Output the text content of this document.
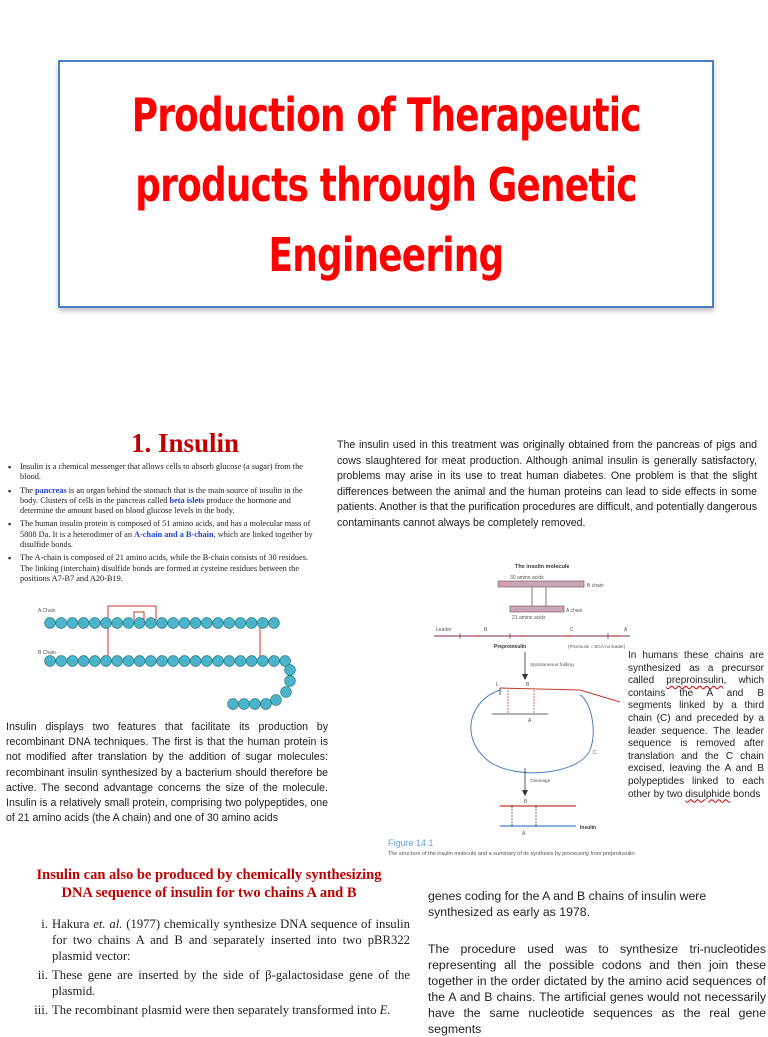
Production of Therapeutic
products through Genetic
Engineering
1. Insulin
▪ Insulin is a chemical messenger that allows cells to absorb glucose (a sugar) from the blood.
▪ The pancreas is an organ behind the stomach that is the main source of insulin in the body. Clusters of cells in the pancreas called beta islets produce the hormone and determine the amount based on blood glucose levels in the body.
▪ The human insulin protein is composed of 51 amino acids, and has a molecular mass of 5808 Da. It is a heterodimer of an A-chain and a B-chain, which are linked together by disulfide bonds.
▪ The A-chain is composed of 21 amino acids, while the B-chain consists of 30 residues. The linking (interchain) disulfide bonds are formed at cysteine residues between the positions A7-B7 and A20-B19.
A Chain
B Chain
Insulin displays two features that facilitate its production by recombinant DNA techniques. The first is that the human protein is not modified after translation by the addition of sugar molecules: recombinant insulin synthesized by a bacterium should therefore be active. The second advantage concerns the size of the molecule. Insulin is a relatively small protein, comprising two polypeptides, one of 21 amino acids (the A chain) and one of 30 amino acids
The insulin used in this treatment was originally obtained from the pancreas of pigs and cows slaughtered for meat production. Although animal insulin is generally satisfactory, problems may arise in its use to treat human diabetes. One problem is that the slight differences between the animal and the human proteins can lead to side effects in some patients. Another is that the purification procedures are difficult, and potentially dangerous contaminants cannot always be completely removed.
The insulin molecule
30 amino acids
B chain
A chain
21 amino acids
Leader	B	C	A
Preproinsulin	(Proinsulin = BCA-no leader)
Spontaneous folding
L	B
A
C
Cleavage
B
A
Insulin
Figure 14.1
The structure of the insulin molecule and a summary of its synthesis by processing from preproinsulin.
In humans these chains are synthesized as a precursor called preproinsulin, which contains the A and B segments linked by a third chain (C) and preceded by a leader sequence. The leader sequence is removed after translation and the C chain excised, leaving the A and B polypeptides linked to each other by two disulphide bonds
Insulin can also be produced by chemically synthesizing
DNA sequence of insulin for two chains A and B
i. Hakura et. al. (1977) chemically synthesize DNA sequence of insulin for two chains A and B and separately inserted into two pBR322 plasmid vector:
ii. These gene are inserted by the side of β-galactosidase gene of the plasmid.
iii. The recombinant plasmid were then separately transformed into E.
genes coding for the A and B chains of insulin were synthesized as early as 1978.
The procedure used was to synthesize tri-nucleotides representing all the possible codons and then join these together in the order dictated by the amino acid sequences of the A and B chains. The artificial genes would not necessarily have the same nucleotide sequences as the real gene segments
